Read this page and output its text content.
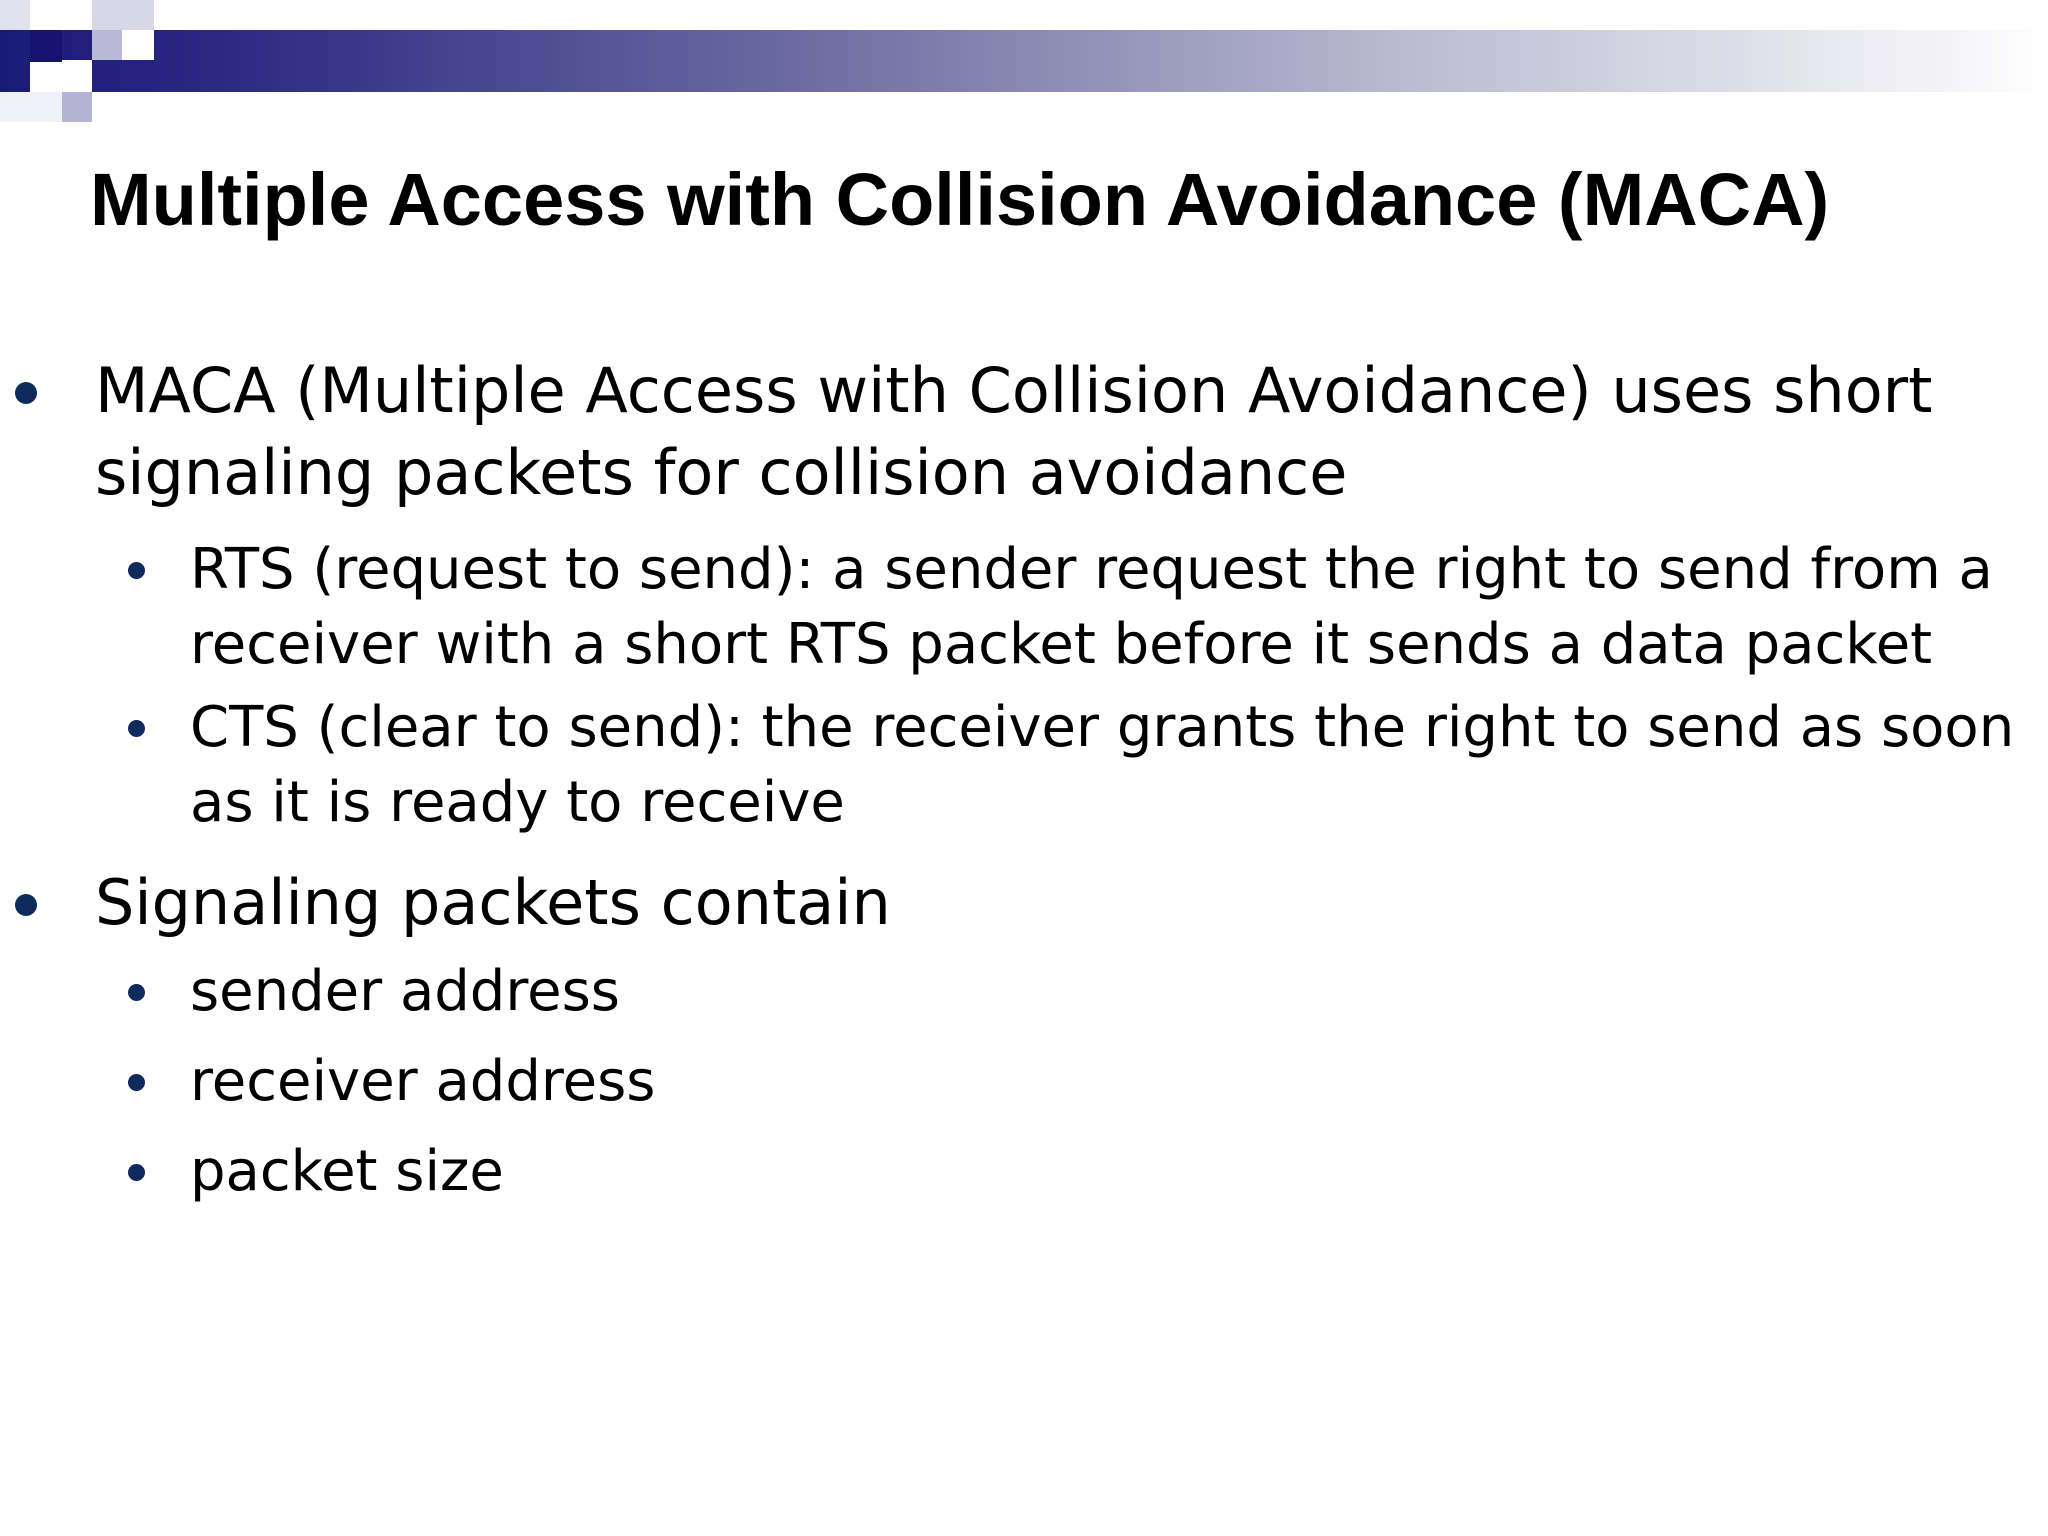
Multiple Access with Collision Avoidance (MACA)
MACA (Multiple Access with Collision Avoidance) uses short signaling packets for collision avoidance
RTS (request to send): a sender request the right to send from a receiver with a short RTS packet before it sends a data packet
CTS (clear to send): the receiver grants the right to send as soon as it is ready to receive
Signaling packets contain
sender address
receiver address
packet size
